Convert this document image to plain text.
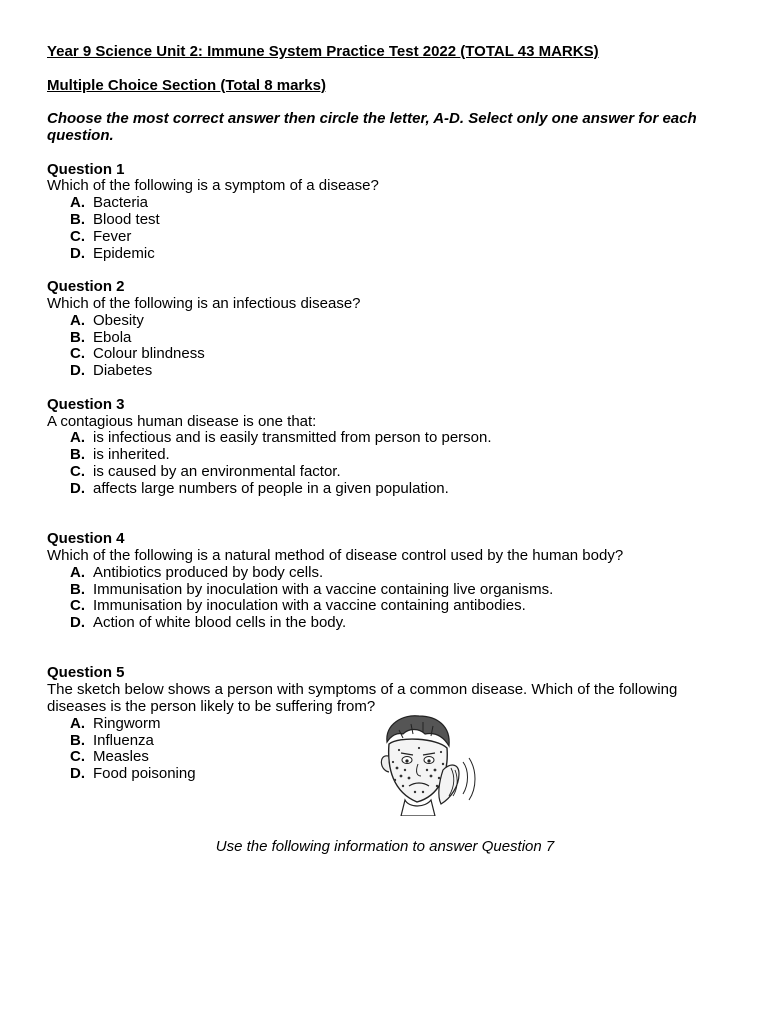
Year 9 Science Unit 2: Immune System Practice Test 2022 (TOTAL 43 MARKS)

Multiple Choice Section (Total 8 marks)
Choose the most correct answer then circle the letter, A-D. Select only one answer for each question.
Question 1
Which of the following is a symptom of a disease?
A. Bacteria
B. Blood test
C. Fever
D. Epidemic
Question 2
Which of the following is an infectious disease?
A. Obesity
B. Ebola
C. Colour blindness
D. Diabetes
Question 3
A contagious human disease is one that:
A. is infectious and is easily transmitted from person to person.
B. is inherited.
C. is caused by an environmental factor.
D. affects large numbers of people in a given population.
Question 4
Which of the following is a natural method of disease control used by the human body?
A. Antibiotics produced by body cells.
B. Immunisation by inoculation with a vaccine containing live organisms.
C. Immunisation by inoculation with a vaccine containing antibodies.
D. Action of white blood cells in the body.
Question 5
The sketch below shows a person with symptoms of a common disease. Which of the following diseases is the person likely to be suffering from?
A. Ringworm
B. Influenza
C. Measles
D. Food poisoning
Use the following information to answer Question 7
